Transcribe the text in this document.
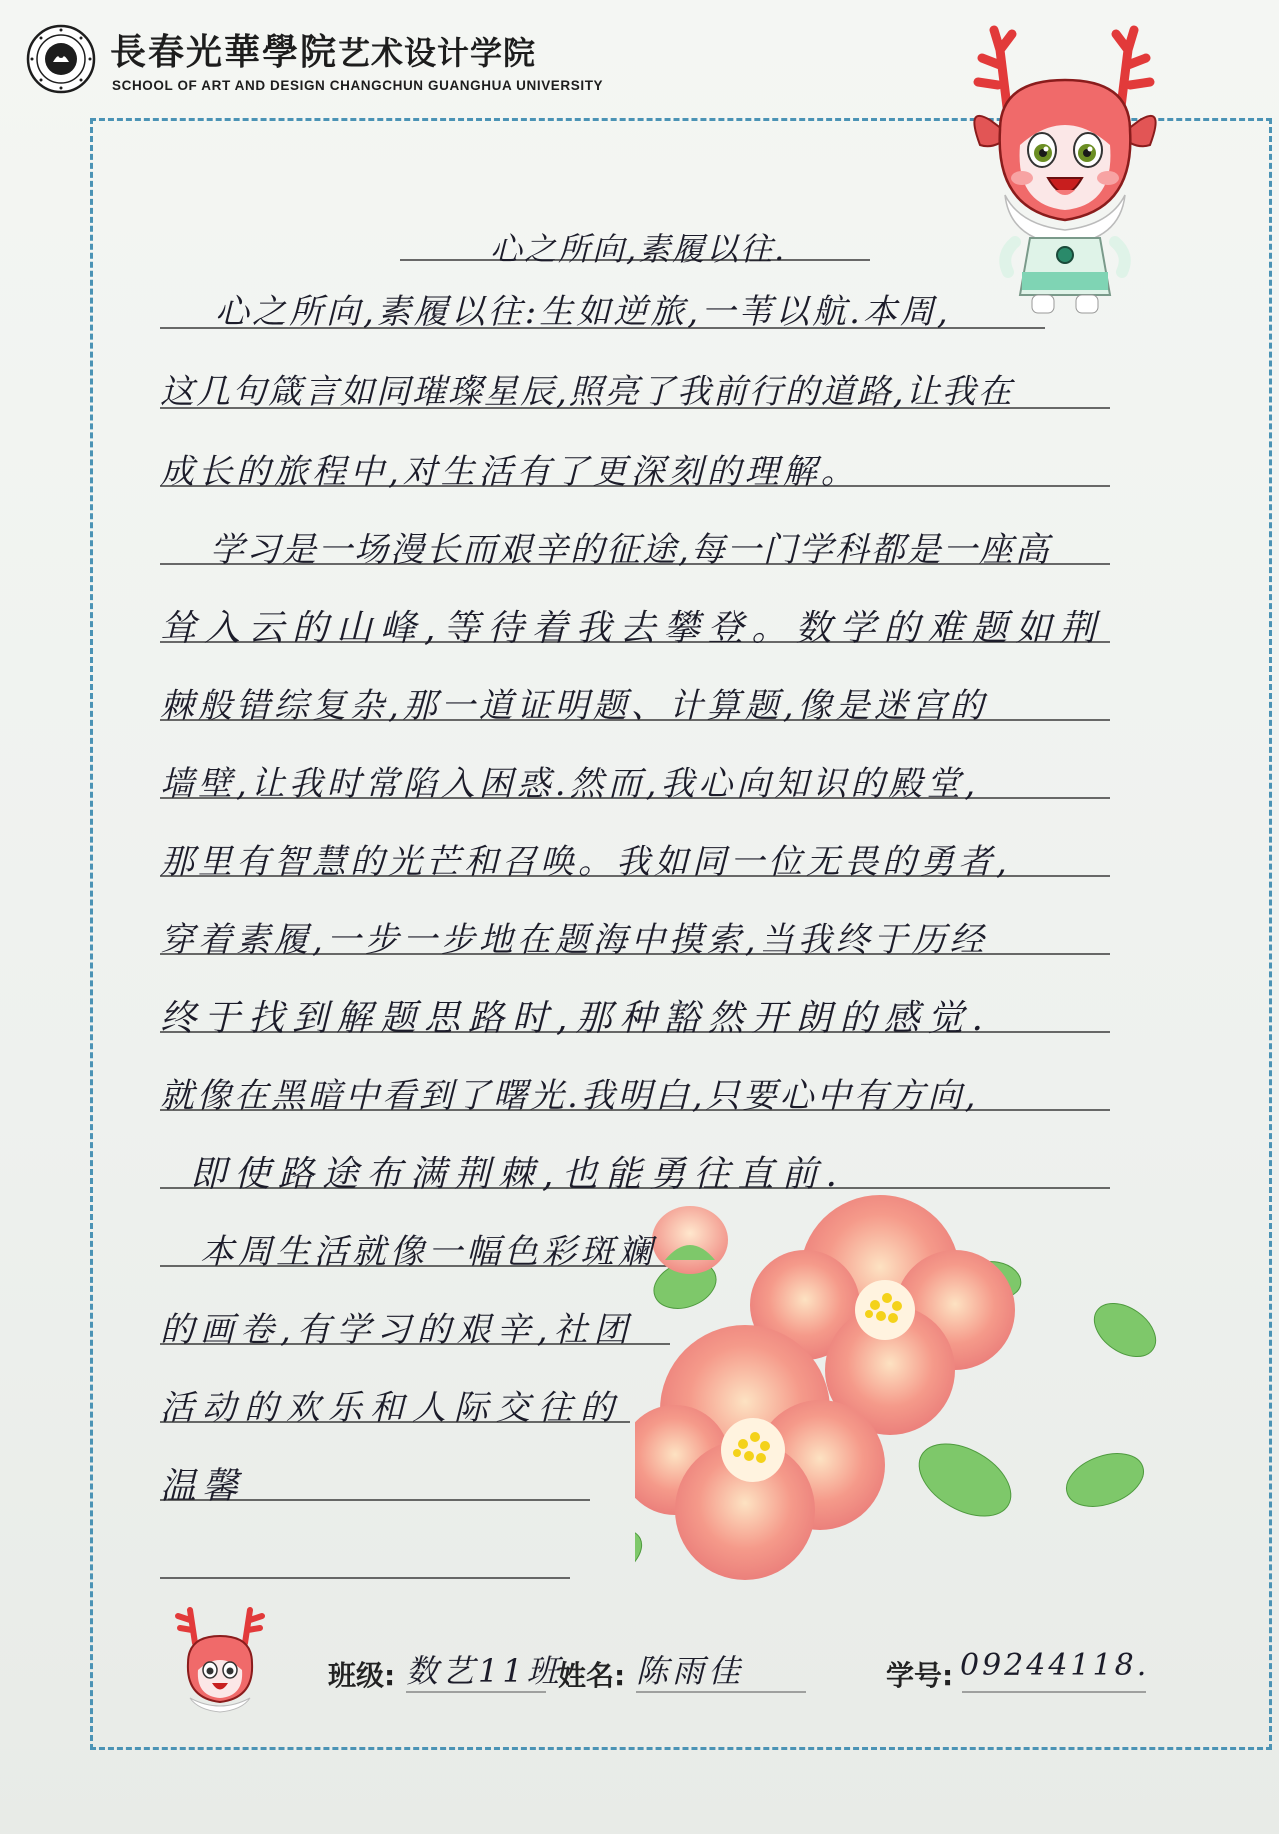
長春光華學院艺术设计学院
SCHOOL OF ART AND DESIGN CHANGCHUN GUANGHUA UNIVERSITY
心之所向,素履以往.
心之所向,素履以往:生如逆旅,一苇以航.本周,
这几句箴言如同璀璨星辰,照亮了我前行的道路,让我在
成长的旅程中,对生活有了更深刻的理解。
学习是一场漫长而艰辛的征途,每一门学科都是一座高
耸入云的山峰,等待着我去攀登。数学的难题如荆
棘般错综复杂,那一道证明题、计算题,像是迷宫的
墙壁,让我时常陷入困惑.然而,我心向知识的殿堂,
那里有智慧的光芒和召唤。我如同一位无畏的勇者,
穿着素履,一步一步地在题海中摸索,当我终于历经
终于找到解题思路时,那种豁然开朗的感觉.
就像在黑暗中看到了曙光.我明白,只要心中有方向,
即使路途布满荆棘,也能勇往直前.
本周生活就像一幅色彩斑斓
的画卷,有学习的艰辛,社团
活动的欢乐和人际交往的
温馨
班级: 数艺11班
姓名: 陈雨佳	学号: 09244118.
